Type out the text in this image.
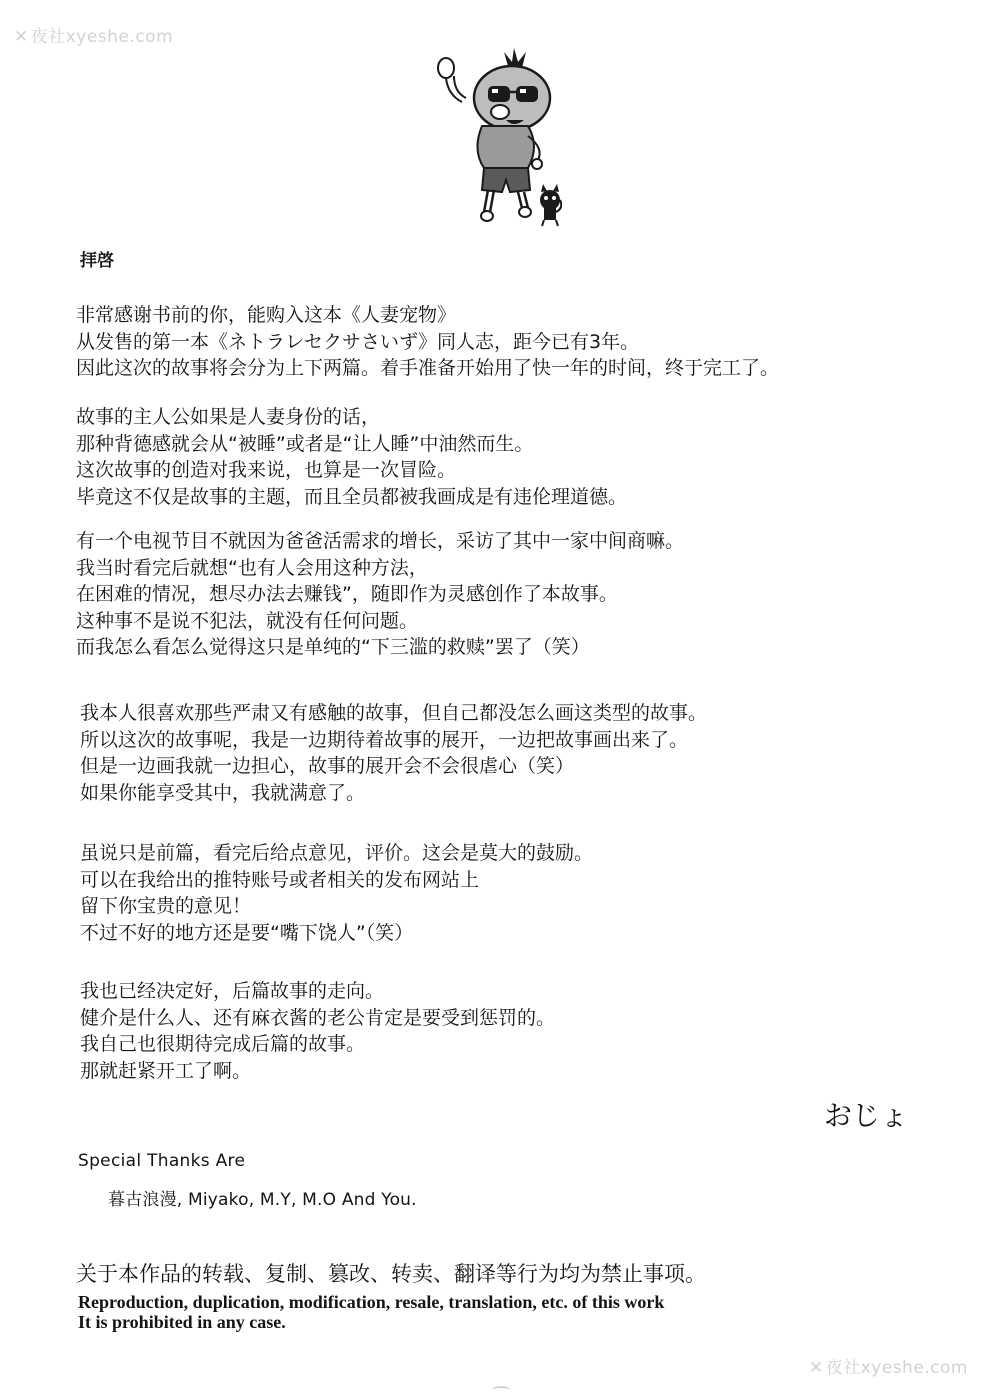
✕ 夜社xyeshe.com
拝啓
非常感谢书前的你，能购入这本《人妻宠物》
从发售的第一本《ネトラレセクサさいず》同人志，距今已有3年。
因此这次的故事将会分为上下两篇。着手准备开始用了快一年的时间，终于完工了。
故事的主人公如果是人妻身份的话，
那种背德感就会从“被睡”或者是“让人睡”中油然而生。
这次故事的创造对我来说，也算是一次冒险。
毕竟这不仅是故事的主题，而且全员都被我画成是有违伦理道德。
有一个电视节目不就因为爸爸活需求的增长，采访了其中一家中间商嘛。
我当时看完后就想“也有人会用这种方法，
在困难的情况，想尽办法去赚钱”，随即作为灵感创作了本故事。
这种事不是说不犯法，就没有任何问题。
而我怎么看怎么觉得这只是单纯的“下三滥的救赎”罢了（笑）
我本人很喜欢那些严肃又有感触的故事，但自己都没怎么画这类型的故事。
所以这次的故事呢，我是一边期待着故事的展开，一边把故事画出来了。
但是一边画我就一边担心，故事的展开会不会很虐心（笑）
如果你能享受其中，我就满意了。
虽说只是前篇，看完后给点意见，评价。这会是莫大的鼓励。
可以在我给出的推特账号或者相关的发布网站上
留下你宝贵的意见！
不过不好的地方还是要“嘴下饶人”（笑）
我也已经决定好，后篇故事的走向。
健介是什么人、还有麻衣酱的老公肯定是要受到惩罚的。
我自己也很期待完成后篇的故事。
那就赶紧开工了啊。
おじょ
Special Thanks Are
暮古浪漫, Miyako, M.Y, M.O And You.
关于本作品的转载、复制、篡改、转卖、翻译等行为均为禁止事项。
Reproduction, duplication, modification, resale, translation, etc. of this work
It is prohibited in any case.
✕ 夜社xyeshe.com
